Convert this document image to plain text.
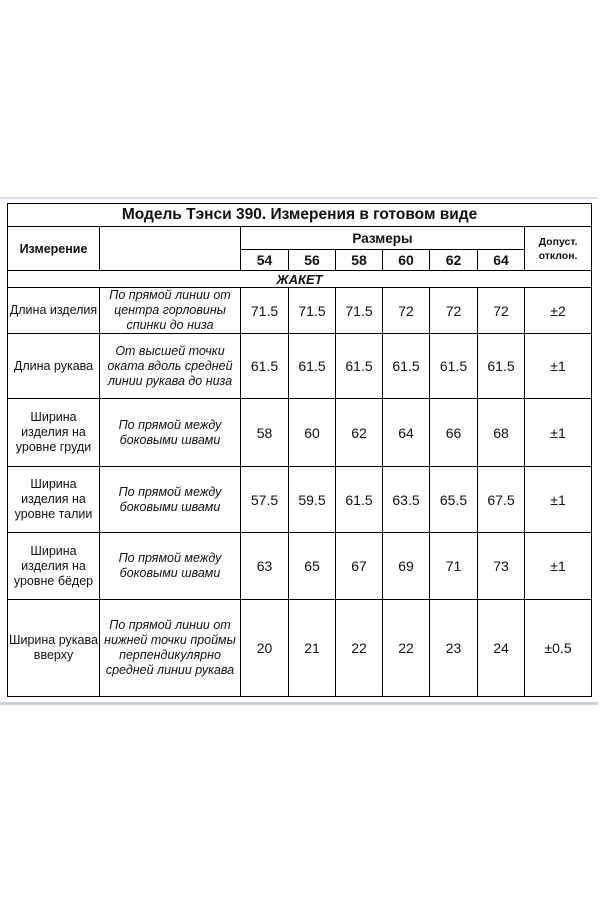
Модель Тэнси 390. Измерения в готовом виде								
Измерение		Размеры						Допуст.
отклон.

		54	56	58	60	62	64	
ЖАКЕТ								
Длина изделия	По прямой линии от центра горловины спинки до низа	71.5	71.5	71.5	72	72	72	±2
Длина рукава	От высшей точки оката вдоль средней линии рукава до низа	61.5	61.5	61.5	61.5	61.5	61.5	±1
Ширина изделия на уровне груди	По прямой между боковыми швами	58	60	62	64	66	68	±1
Ширина изделия на уровне талии	По прямой между боковыми швами	57.5	59.5	61.5	63.5	65.5	67.5	±1
Ширина изделия на уровне бёдер	По прямой между боковыми швами	63	65	67	69	71	73	±1
Ширина рукава вверху	По прямой линии от нижней точки проймы перпендикулярно средней линии рукава	20	21	22	22	23	24	±0.5
